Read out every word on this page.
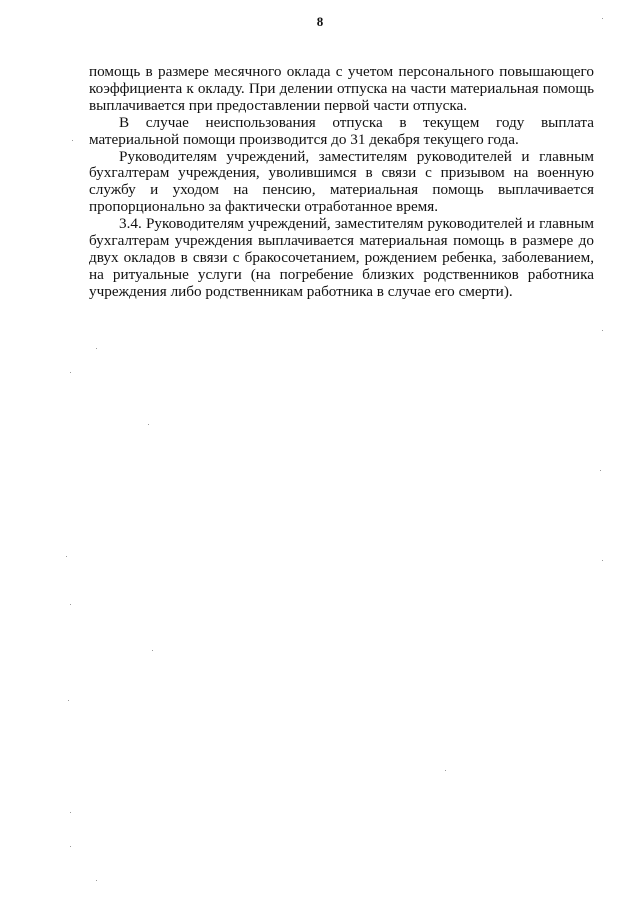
8

помощь в размере месячного оклада с учетом персонального повышающего коэффициента к окладу. При делении отпуска на части материальная помощь выплачивается при предоставлении первой части отпуска.

В случае неиспользования отпуска в текущем году выплата материальной помощи производится до 31 декабря текущего года.

Руководителям учреждений, заместителям руководителей и главным бухгалтерам учреждения, уволившимся в связи с призывом на военную службу и уходом на пенсию, материальная помощь выплачивается пропорционально за фактически отработанное время.

3.4. Руководителям учреждений, заместителям руководителей и главным бухгалтерам учреждения выплачивается материальная помощь в размере до двух окладов в связи с бракосочетанием, рождением ребенка, заболеванием, на ритуальные услуги (на погребение близких родственников работника учреждения либо родственникам работника в случае его смерти).
